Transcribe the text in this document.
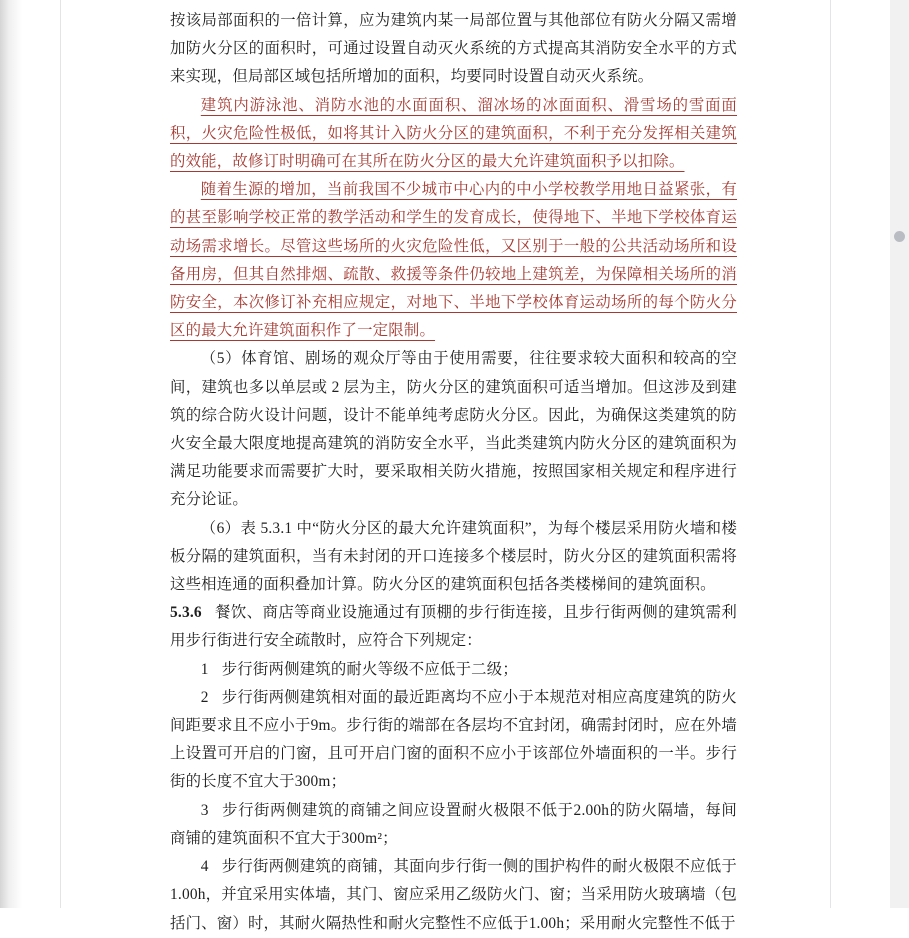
按该局部面积的一倍计算，应为建筑内某一局部位置与其他部位有防火分隔又需增加防火分区的面积时，可通过设置自动灭火系统的方式提高其消防安全水平的方式来实现，但局部区域包括所增加的面积，均要同时设置自动灭火系统。

建筑内游泳池、消防水池的水面面积、溜冰场的冰面面积、滑雪场的雪面面积，火灾危险性极低，如将其计入防火分区的建筑面积，不利于充分发挥相关建筑的效能，故修订时明确可在其所在防火分区的最大允许建筑面积予以扣除。

随着生源的增加，当前我国不少城市中心内的中小学校教学用地日益紧张，有的甚至影响学校正常的教学活动和学生的发育成长，使得地下、半地下学校体育运动场需求增长。尽管这些场所的火灾危险性低，又区别于一般的公共活动场所和设备用房，但其自然排烟、疏散、救援等条件仍较地上建筑差，为保障相关场所的消防安全，本次修订补充相应规定，对地下、半地下学校体育运动场所的每个防火分区的最大允许建筑面积作了一定限制。

（5）体育馆、剧场的观众厅等由于使用需要，往往要求较大面积和较高的空间，建筑也多以单层或 2 层为主，防火分区的建筑面积可适当增加。但这涉及到建筑的综合防火设计问题，设计不能单纯考虑防火分区。因此，为确保这类建筑的防火安全最大限度地提高建筑的消防安全水平，当此类建筑内防火分区的建筑面积为满足功能要求而需要扩大时，要采取相关防火措施，按照国家相关规定和程序进行充分论证。

（6）表 5.3.1 中“防火分区的最大允许建筑面积”，为每个楼层采用防火墙和楼板分隔的建筑面积，当有未封闭的开口连接多个楼层时，防火分区的建筑面积需将这些相连通的面积叠加计算。防火分区的建筑面积包括各类楼梯间的建筑面积。

5.3.6 餐饮、商店等商业设施通过有顶棚的步行街连接，且步行街两侧的建筑需利用步行街进行安全疏散时，应符合下列规定：

1 步行街两侧建筑的耐火等级不应低于二级；

2 步行街两侧建筑相对面的最近距离均不应小于本规范对相应高度建筑的防火间距要求且不应小于9m。步行街的端部在各层均不宜封闭，确需封闭时，应在外墙上设置可开启的门窗，且可开启门窗的面积不应小于该部位外墙面积的一半。步行街的长度不宜大于300m；

3 步行街两侧建筑的商铺之间应设置耐火极限不低于2.00h的防火隔墙，每间商铺的建筑面积不宜大于300m²；

4 步行街两侧建筑的商铺，其面向步行街一侧的围护构件的耐火极限不应低于1.00h，并宜采用实体墙，其门、窗应采用乙级防火门、窗；当采用防火玻璃墙（包括门、窗）时，其耐火隔热性和耐火完整性不应低于1.00h；采用耐火完整性不低于
